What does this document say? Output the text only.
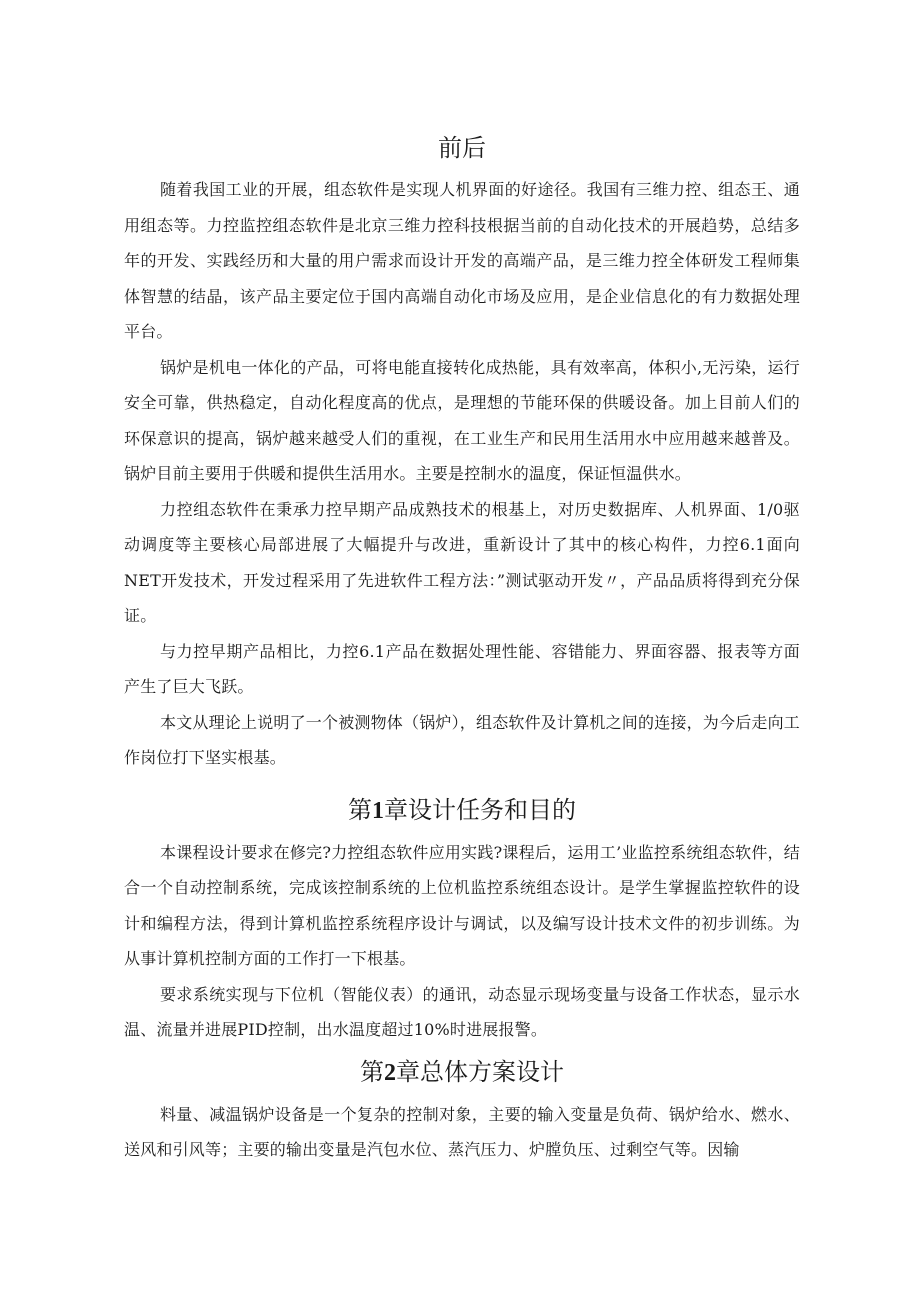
前后

随着我国工业的开展，组态软件是实现人机界面的好途径。我国有三维力控、组态王、通用组态等。力控监控组态软件是北京三维力控科技根据当前的自动化技术的开展趋势，总结多年的开发、实践经历和大量的用户需求而设计开发的高端产品，是三维力控全体研发工程师集体智慧的结晶，该产品主要定位于国内高端自动化市场及应用，是企业信息化的有力数据处理平台。

锅炉是机电一体化的产品，可将电能直接转化成热能，具有效率高，体积小,无污染，运行安全可靠，供热稳定，自动化程度高的优点，是理想的节能环保的供暖设备。加上目前人们的环保意识的提高，锅炉越来越受人们的重视，在工业生产和民用生活用水中应用越来越普及。锅炉目前主要用于供暖和提供生活用水。主要是控制水的温度，保证恒温供水。

力控组态软件在秉承力控早期产品成熟技术的根基上，对历史数据库、人机界面、1/0驱动调度等主要核心局部进展了大幅提升与改进，重新设计了其中的核心构件，力控6.1面向NET开发技术，开发过程采用了先进软件工程方法：”测试驱动开发〃，产品品质将得到充分保证。

与力控早期产品相比，力控6.1产品在数据处理性能、容错能力、界面容器、报表等方面产生了巨大飞跃。

本文从理论上说明了一个被测物体（锅炉），组态软件及计算机之间的连接，为今后走向工作岗位打下坚实根基。

第1章设计任务和目的

本课程设计要求在修完?力控组态软件应用实践?课程后，运用工’业监控系统组态软件，结合一个自动控制系统，完成该控制系统的上位机监控系统组态设计。是学生掌握监控软件的设计和编程方法，得到计算机监控系统程序设计与调试，以及编写设计技术文件的初步训练。为从事计算机控制方面的工作打一下根基。

要求系统实现与下位机（智能仪表）的通讯，动态显示现场变量与设备工作状态，显示水温、流量并进展PID控制，出水温度超过10%时进展报警。

第2章总体方案设计

料量、减温锅炉设备是一个复杂的控制对象，主要的输入变量是负荷、锅炉给水、燃水、送风和引风等；主要的输出变量是汽包水位、蒸汽压力、炉膛负压、过剩空气等。因输
